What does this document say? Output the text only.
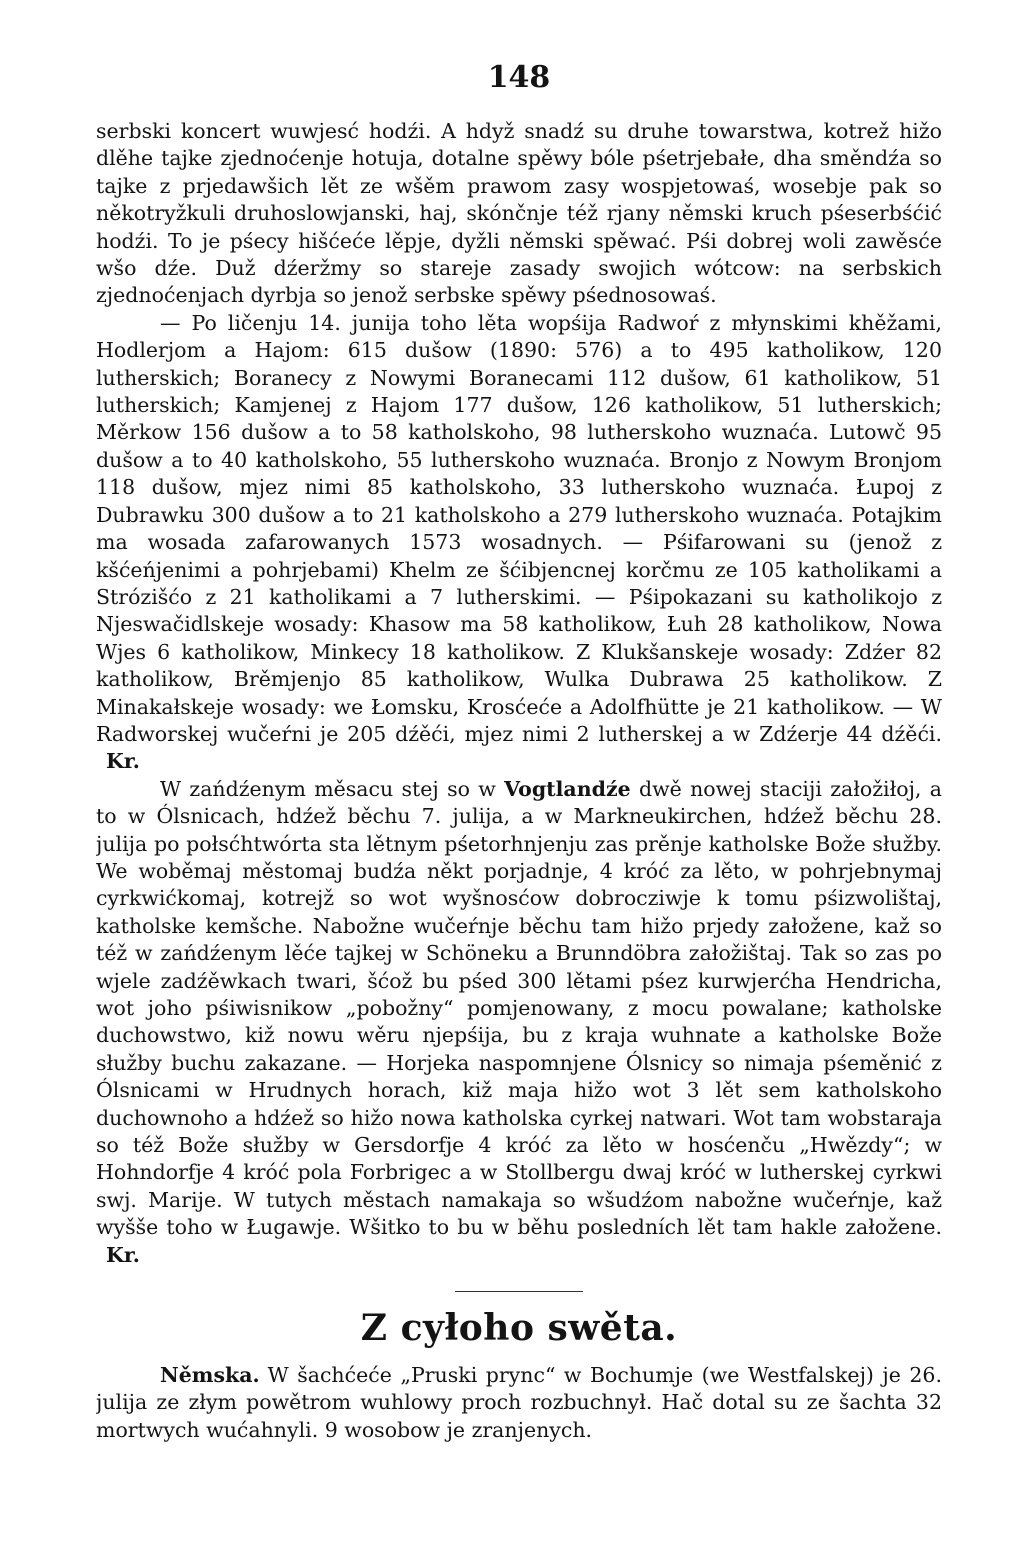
148

serbski koncert wuwjesć hodźi. A hdyž snadź su druhe towarstwa, kotrež hižo dlěhe tajke zjednoćenje hotuja, dotalne spěwy bóle pśetrjebałe, dha směndźa so tajke z prjedawšich lět ze wšěm prawom zasy wospjetowaś, wosebje pak so někotryžkuli druhoslowjanski, haj, skónčnje též rjany němski kruch pśeserbśćić hodźi. To je pśecy hišćeće lěpje, dyžli němski spěwać. Pśi dobrej woli zawěsće wšo dźe. Duž dźeržmy so stareje zasady swojich wótcow: na serbskich zjednoćenjach dyrbja so jenož serbske spěwy pśednosowaś.

— Po ličenju 14. junija toho lěta wopśija Radwoŕ z młynskimi khěžami, Hodlerjom a Hajom: 615 dušow (1890: 576) a to 495 katholikow, 120 lutherskich; Boranecy z Nowymi Boranecami 112 dušow, 61 katholikow, 51 lutherskich; Kamjenej z Hajom 177 dušow, 126 katholikow, 51 lutherskich; Měrkow 156 dušow a to 58 katholskoho, 98 lutherskoho wuznaća. Lutowč 95 dušow a to 40 katholskoho, 55 lutherskoho wuznaća. Bronjo z Nowym Bronjom 118 dušow, mjez nimi 85 katholskoho, 33 lutherskoho wuznaća. Łupoj z Dubrawku 300 dušow a to 21 katholskoho a 279 lutherskoho wuznaća. Potajkim ma wosada zafarowanych 1573 wosadnych. — Pśifarowani su (jenož z kšćeńjenimi a pohrjebami) Khelm ze šćibjencnej korčmu ze 105 katholikami a Strózišćo z 21 katholikami a 7 lutherskimi. — Pśipokazani su katholikojo z Njeswačidlskeje wosady: Khasow ma 58 katholikow, Łuh 28 katholikow, Nowa Wjes 6 katholikow, Minkecy 18 katholikow. Z Klukšanskeje wosady: Zdźer 82 katholikow, Brěmjenjo 85 katholikow, Wulka Dubrawa 25 katholikow. Z Minakałskeje wosady: we Łomsku, Krosćeće a Adolfhütte je 21 katholikow. — W Radworskej wučeŕni je 205 dźěći, mjez nimi 2 lutherskej a w Zdźerje 44 dźěći. Kr.

W zańdźenym měsacu stej so w Vogtlandźe dwě nowej staciji załožiłoj, a to w Ólsnicach, hdźež běchu 7. julija, a w Markneukirchen, hdźež běchu 28. julija po połsćhtwórta sta lětnym pśetorhnjenju zas prěnje katholske Bože słužby. We woběmaj městomaj budźa někt porjadnje, 4 króć za lěto, w pohrjebnymaj cyrkwićkomaj, kotrejž so wot wyšnosćow dobrocziwje k tomu pśizwolištaj, katholske kemšche. Nabožne wučeŕnje běchu tam hižo prjedy załožene, kaž so též w zańdźenym lěće tajkej w Schöneku a Brunndöbra załožištaj. Tak so zas po wjele zadźěwkach twari, šćož bu pśed 300 lětami pśez kurwjerćha Hendricha, wot joho pśiwisnikow „pobožny“ pomjenowany, z mocu powalane; katholske duchowstwo, kiž nowu wěru njepśija, bu z kraja wuhnate a katholske Bože słužby buchu zakazane. — Horjeka naspomnjene Ólsnicy so nimaja pśeměnić z Ólsnicami w Hrudnych horach, kiž maja hižo wot 3 lět sem katholskoho duchownoho a hdźež so hižo nowa katholska cyrkej natwari. Wot tam wobstaraja so též Bože słužby w Gersdorfje 4 króć za lěto w hosćenču „Hwězdy“; w Hohndorfje 4 króć pola Forbrigec a w Stollbergu dwaj króć w lutherskej cyrkwi swj. Marije. W tutych městach namakaja so wšudźom nabožne wučeŕnje, kaž wyšše toho w Ługawje. Wšitko to bu w běhu posledních lět tam hakle załožene. Kr.

Z cyłoho swěta.

Němska. W šachćeće „Pruski prync“ w Bochumje (we Westfalskej) je 26. julija ze złym powětrom wuhlowy proch rozbuchnył. Hač dotal su ze šachta 32 mortwych wućahnyli. 9 wosobow je zranjenych.
